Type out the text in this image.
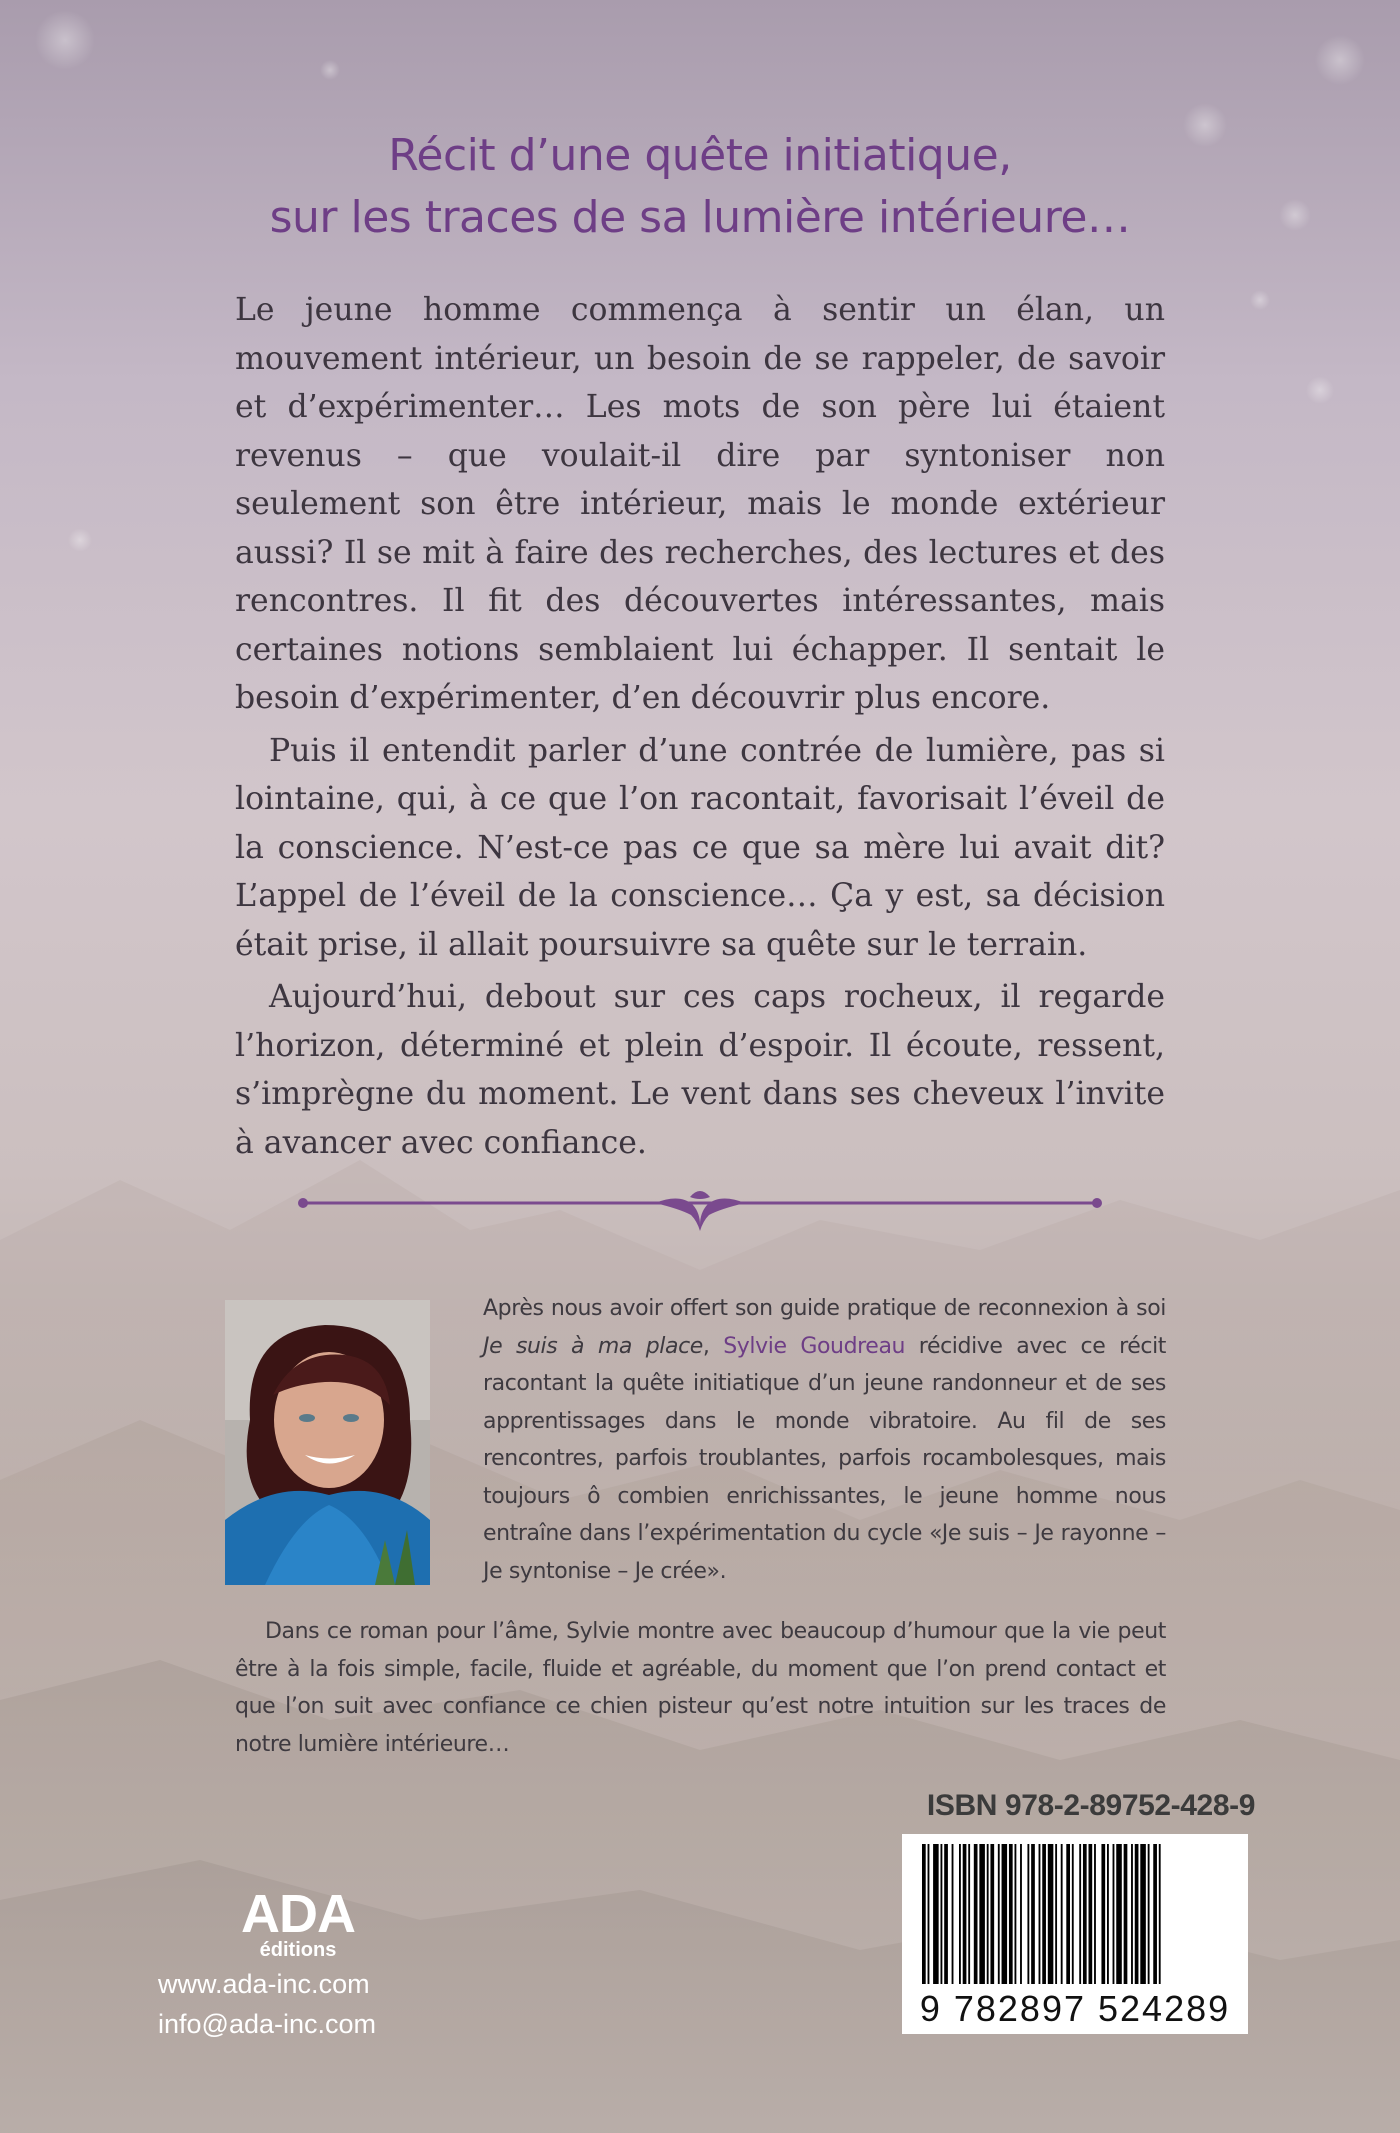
Récit d’une quête initiatique,
sur les traces de sa lumière intérieure…

Le jeune homme commença à sentir un élan, un mouvement intérieur, un besoin de se rappeler, de savoir et d’expérimenter… Les mots de son père lui étaient revenus – que voulait-il dire par syntoniser non seulement son être intérieur, mais le monde extérieur aussi? Il se mit à faire des recherches, des lectures et des rencontres. Il fit des découvertes intéressantes, mais certaines notions semblaient lui échapper. Il sentait le besoin d’expérimenter, d’en découvrir plus encore.

Puis il entendit parler d’une contrée de lumière, pas si lointaine, qui, à ce que l’on racontait, favorisait l’éveil de la conscience. N’est-ce pas ce que sa mère lui avait dit? L’appel de l’éveil de la conscience… Ça y est, sa décision était prise, il allait poursuivre sa quête sur le terrain.

Aujourd’hui, debout sur ces caps rocheux, il regarde l’horizon, déterminé et plein d’espoir. Il écoute, ressent, s’imprègne du moment. Le vent dans ses cheveux l’invite à avancer avec confiance.

Après nous avoir offert son guide pratique de reconnexion à soi Je suis à ma place, Sylvie Goudreau récidive avec ce récit racontant la quête initiatique d’un jeune randonneur et de ses apprentissages dans le monde vibratoire. Au fil de ses rencontres, parfois troublantes, parfois rocambolesques, mais toujours ô combien enrichissantes, le jeune homme nous entraîne dans l’expérimentation du cycle «Je suis – Je rayonne – Je syntonise – Je crée».

Dans ce roman pour l’âme, Sylvie montre avec beaucoup d’humour que la vie peut être à la fois simple, facile, fluide et agréable, du moment que l’on prend contact et que l’on suit avec confiance ce chien pisteur qu’est notre intuition sur les traces de notre lumière intérieure…

ISBN 978-2-89752-428-9
9 782897 524289
ADA
éditions
www.ada-inc.com
info@ada-inc.com
